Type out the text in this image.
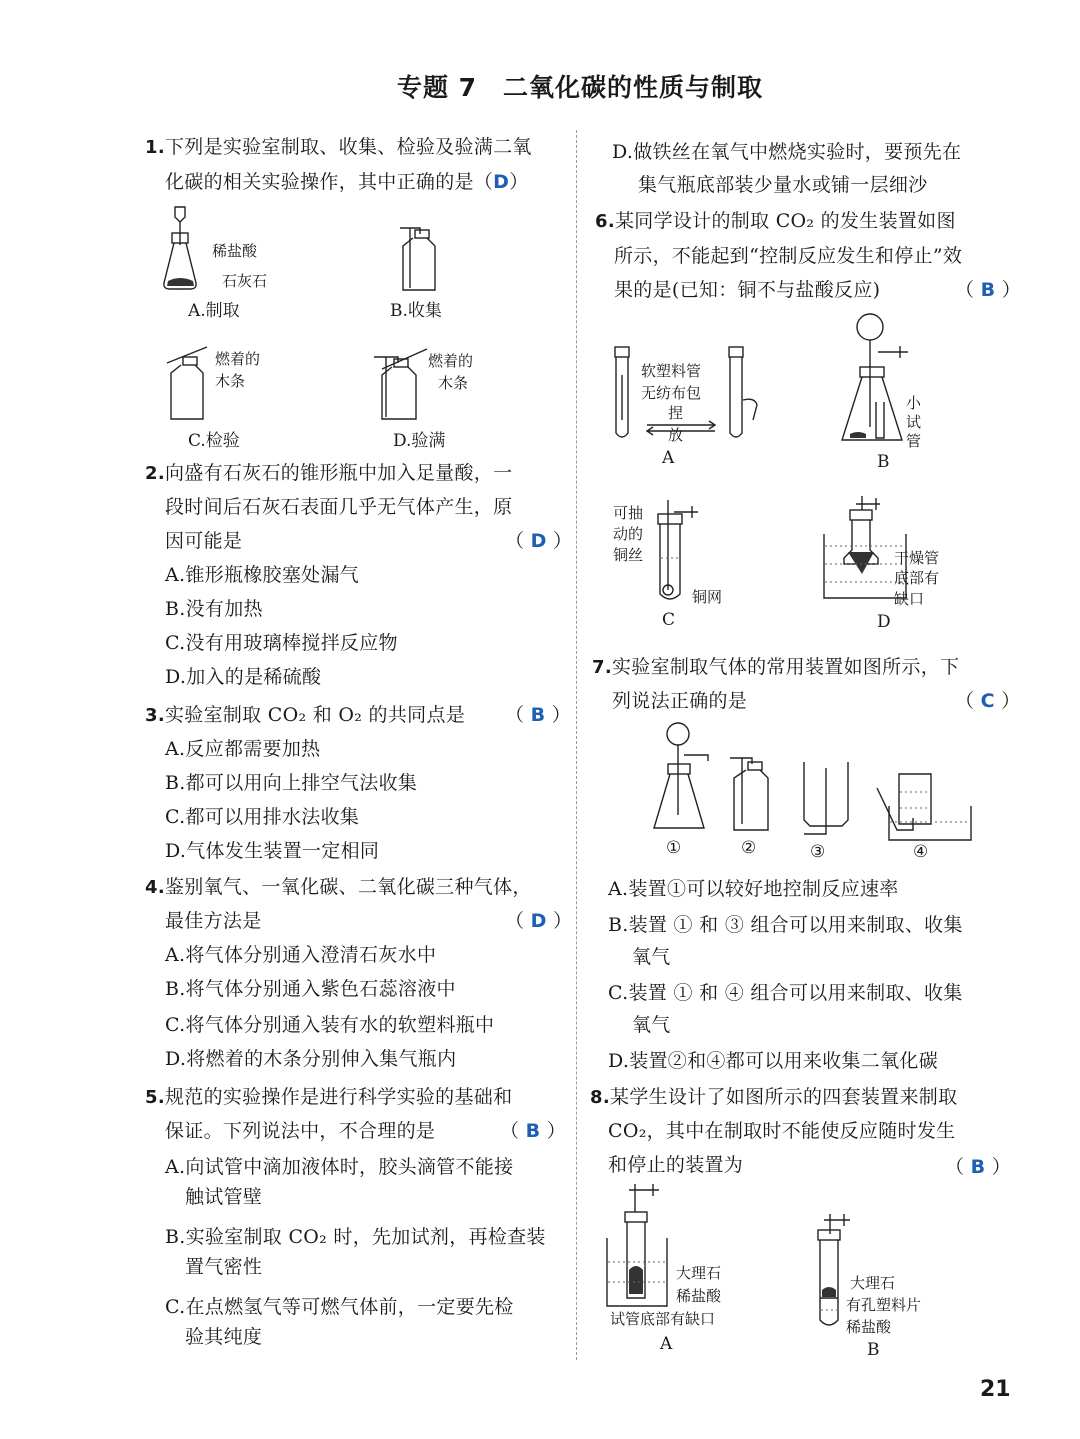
专题 7　二氧化碳的性质与制取
1.下列是实验室制取、收集、检验及验满二氧
化碳的相关实验操作，其中正确的是（D）
稀盐酸
石灰石
A.制取	B.收集
燃着的
木条
C.检验
燃着的
木条
D.验满
2.向盛有石灰石的锥形瓶中加入足量酸，一
段时间后石灰石表面几乎无气体产生，原
因可能是	（ D ）
A.锥形瓶橡胶塞处漏气
B.没有加热
C.没有用玻璃棒搅拌反应物
D.加入的是稀硫酸
3.实验室制取 CO₂ 和 O₂ 的共同点是 （ B ）
A.反应都需要加热
B.都可以用向上排空气法收集
C.都可以用排水法收集
D.气体发生装置一定相同
4.鉴别氧气、一氧化碳、二氧化碳三种气体，
最佳方法是	（ D ）
A.将气体分别通入澄清石灰水中
B.将气体分别通入紫色石蕊溶液中
C.将气体分别通入装有水的软塑料瓶中
D.将燃着的木条分别伸入集气瓶内
5.规范的实验操作是进行科学实验的基础和
保证。下列说法中，不合理的是	（ B ）
A.向试管中滴加液体时，胶头滴管不能接
触试管壁
B.实验室制取 CO₂ 时，先加试剂，再检查装
置气密性
C.在点燃氢气等可燃气体前，一定要先检
验其纯度
D.做铁丝在氧气中燃烧实验时，要预先在
集气瓶底部装少量水或铺一层细沙
6.某同学设计的制取 CO₂ 的发生装置如图
所示，不能起到“控制反应发生和停止”效
果的是(已知：铜不与盐酸反应)	（ B ）
软塑料管
无纺布包
捏
放
A
小
试
管
B
可抽
动的
铜丝
铜网
C
干燥管
底部有
缺口
D
7.实验室制取气体的常用装置如图所示，下
列说法正确的是	（ C ）
①	②	③	④
A.装置①可以较好地控制反应速率
B.装置 ① 和 ③ 组合可以用来制取、收集
氧气
C.装置 ① 和 ④ 组合可以用来制取、收集
氧气
D.装置②和④都可以用来收集二氧化碳
8.某学生设计了如图所示的四套装置来制取
CO₂，其中在制取时不能使反应随时发生
和停止的装置为	（ B ）
大理石
稀盐酸
试管底部有缺口
A
大理石
有孔塑料片
稀盐酸
B
21
